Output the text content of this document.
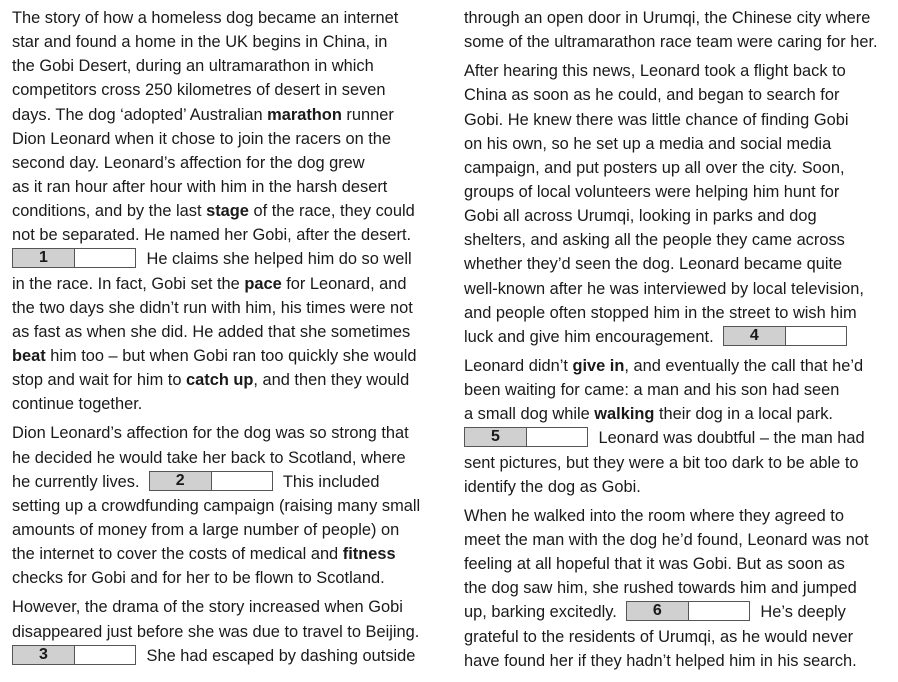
The story of how a homeless dog became an internet
star and found a home in the UK begins in China, in
the Gobi Desert, during an ultramarathon in which
competitors cross 250 kilometres of desert in seven
days. The dog ‘adopted’ Australian marathon runner
Dion Leonard when it chose to join the racers on the
second day. Leonard’s affection for the dog grew
as it ran hour after hour with him in the harsh desert
conditions, and by the last stage of the race, they could
not be separated. He named her Gobi, after the desert.
1	He claims she helped him do so well
in the race. In fact, Gobi set the pace for Leonard, and
the two days she didn’t run with him, his times were not
as fast as when she did. He added that she sometimes
beat him too – but when Gobi ran too quickly she would
stop and wait for him to catch up, and then they would
continue together.
Dion Leonard’s affection for the dog was so strong that
he decided he would take her back to Scotland, where
he currently lives.	2	This included
setting up a crowdfunding campaign (raising many small
amounts of money from a large number of people) on
the internet to cover the costs of medical and fitness
checks for Gobi and for her to be flown to Scotland.
However, the drama of the story increased when Gobi
disappeared just before she was due to travel to Beijing.
3	She had escaped by dashing outside
through an open door in Urumqi, the Chinese city where
some of the ultramarathon race team were caring for her.
After hearing this news, Leonard took a flight back to
China as soon as he could, and began to search for
Gobi. He knew there was little chance of finding Gobi
on his own, so he set up a media and social media
campaign, and put posters up all over the city. Soon,
groups of local volunteers were helping him hunt for
Gobi all across Urumqi, looking in parks and dog
shelters, and asking all the people they came across
whether they’d seen the dog. Leonard became quite
well-known after he was interviewed by local television,
and people often stopped him in the street to wish him
luck and give him encouragement.	4
Leonard didn’t give in, and eventually the call that he’d
been waiting for came: a man and his son had seen
a small dog while walking their dog in a local park.
5	Leonard was doubtful – the man had
sent pictures, but they were a bit too dark to be able to
identify the dog as Gobi.
When he walked into the room where they agreed to
meet the man with the dog he’d found, Leonard was not
feeling at all hopeful that it was Gobi. But as soon as
the dog saw him, she rushed towards him and jumped
up, barking excitedly.	6	He’s deeply
grateful to the residents of Urumqi, as he would never
have found her if they hadn’t helped him in his search.
